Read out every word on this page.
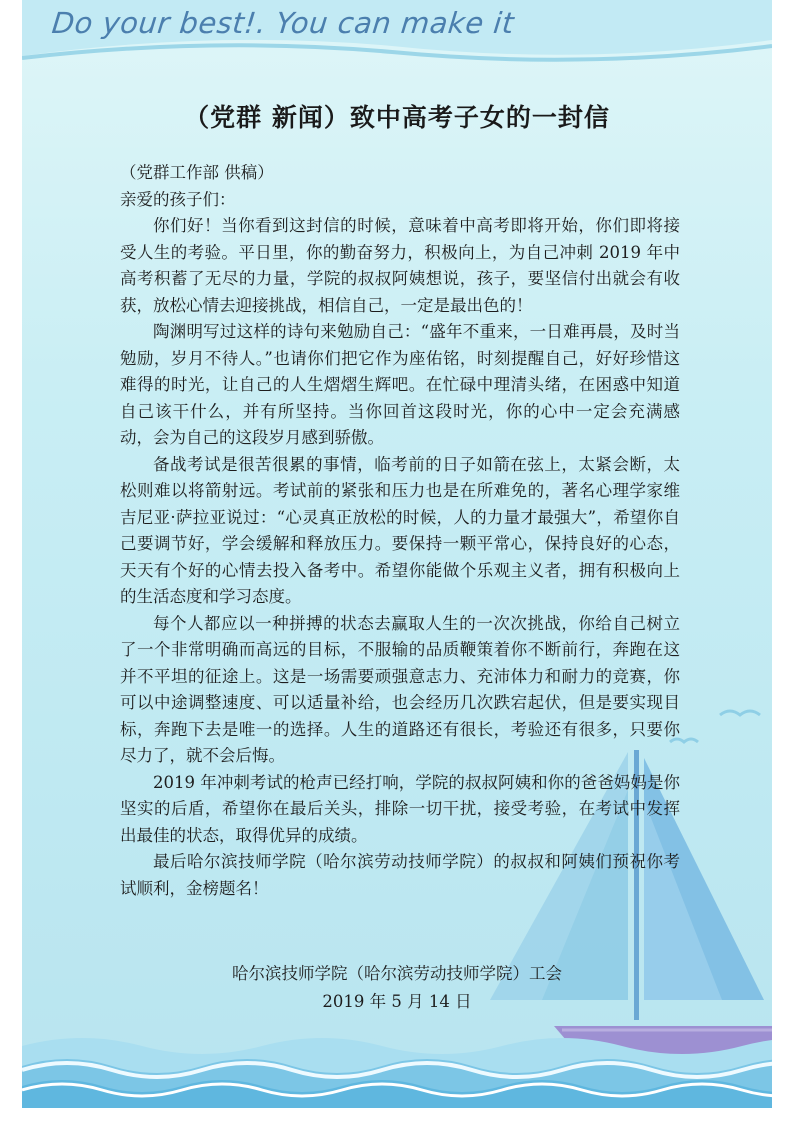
Do your best!. You can make it
（党群 新闻）致中高考子女的一封信

（党群工作部 供稿）

亲爱的孩子们：

你们好！当你看到这封信的时候，意味着中高考即将开始，你们即将接受人生的考验。平日里，你的勤奋努力，积极向上，为自己冲刺 2019 年中高考积蓄了无尽的力量，学院的叔叔阿姨想说，孩子，要坚信付出就会有收获，放松心情去迎接挑战，相信自己，一定是最出色的！

陶渊明写过这样的诗句来勉励自己：“盛年不重来，一日难再晨，及时当勉励，岁月不待人。”也请你们把它作为座佑铭，时刻提醒自己，好好珍惜这难得的时光，让自己的人生熠熠生辉吧。在忙碌中理清头绪，在困惑中知道自己该干什么，并有所坚持。当你回首这段时光，你的心中一定会充满感动，会为自己的这段岁月感到骄傲。

备战考试是很苦很累的事情，临考前的日子如箭在弦上，太紧会断，太松则难以将箭射远。考试前的紧张和压力也是在所难免的，著名心理学家维吉尼亚·萨拉亚说过：“心灵真正放松的时候，人的力量才最强大”，希望你自己要调节好，学会缓解和释放压力。要保持一颗平常心，保持良好的心态，天天有个好的心情去投入备考中。希望你能做个乐观主义者，拥有积极向上的生活态度和学习态度。

每个人都应以一种拼搏的状态去赢取人生的一次次挑战，你给自己树立了一个非常明确而高远的目标，不服输的品质鞭策着你不断前行，奔跑在这并不平坦的征途上。这是一场需要顽强意志力、充沛体力和耐力的竞赛，你可以中途调整速度、可以适量补给，也会经历几次跌宕起伏，但是要实现目标，奔跑下去是唯一的选择。人生的道路还有很长，考验还有很多，只要你尽力了，就不会后悔。

2019 年冲刺考试的枪声已经打响，学院的叔叔阿姨和你的爸爸妈妈是你坚实的后盾，希望你在最后关头，排除一切干扰，接受考验，在考试中发挥出最佳的状态，取得优异的成绩。

最后哈尔滨技师学院（哈尔滨劳动技师学院）的叔叔和阿姨们预祝你考试顺利，金榜题名！

哈尔滨技师学院（哈尔滨劳动技师学院）工会
2019 年 5 月 14 日
